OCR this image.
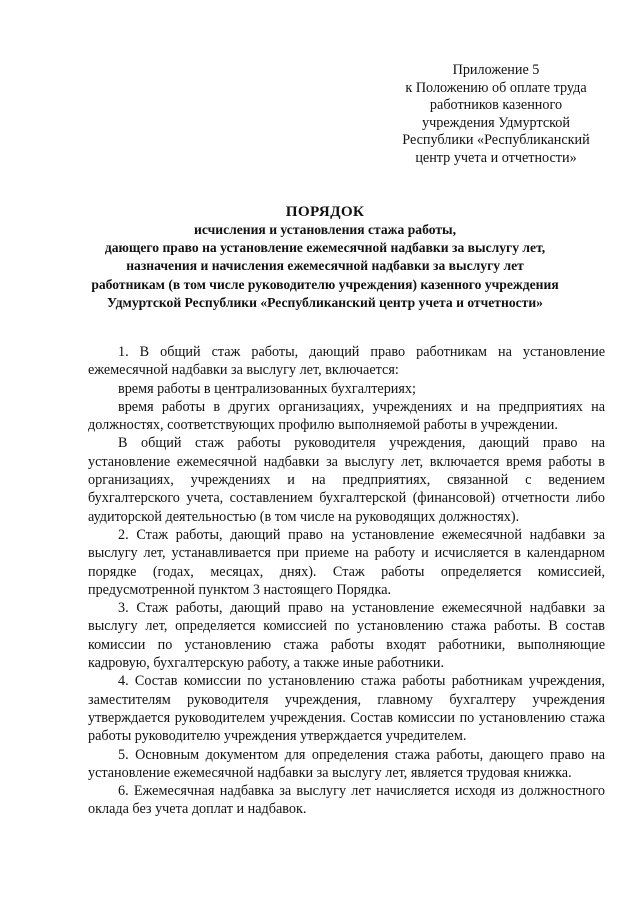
Приложение 5
к Положению об оплате труда
работников казенного
учреждения Удмуртской
Республики «Республиканский
центр учета и отчетности»
ПОРЯДОК
исчисления и установления стажа работы,
дающего право на установление ежемесячной надбавки за выслугу лет,
назначения и начисления ежемесячной надбавки за выслугу лет
работникам (в том числе руководителю учреждения) казенного учреждения
Удмуртской Республики «Республиканский центр учета и отчетности»

1. В общий стаж работы, дающий право работникам на установление ежемесячной надбавки за выслугу лет, включается:

время работы в централизованных бухгалтериях;

время работы в других организациях, учреждениях и на предприятиях на должностях, соответствующих профилю выполняемой работы в учреждении.

В общий стаж работы руководителя учреждения, дающий право на установление ежемесячной надбавки за выслугу лет, включается время работы в организациях, учреждениях и на предприятиях, связанной с ведением бухгалтерского учета, составлением бухгалтерской (финансовой) отчетности либо аудиторской деятельностью (в том числе на руководящих должностях).

2. Стаж работы, дающий право на установление ежемесячной надбавки за выслугу лет, устанавливается при приеме на работу и исчисляется в календарном порядке (годах, месяцах, днях). Стаж работы определяется комиссией, предусмотренной пунктом 3 настоящего Порядка.

3. Стаж работы, дающий право на установление ежемесячной надбавки за выслугу лет, определяется комиссией по установлению стажа работы. В состав комиссии по установлению стажа работы входят работники, выполняющие кадровую, бухгалтерскую работу, а также иные работники.

4. Состав комиссии по установлению стажа работы работникам учреждения, заместителям руководителя учреждения, главному бухгалтеру учреждения утверждается руководителем учреждения. Состав комиссии по установлению стажа работы руководителю учреждения утверждается учредителем.

5. Основным документом для определения стажа работы, дающего право на установление ежемесячной надбавки за выслугу лет, является трудовая книжка.

6. Ежемесячная надбавка за выслугу лет начисляется исходя из должностного оклада без учета доплат и надбавок.
